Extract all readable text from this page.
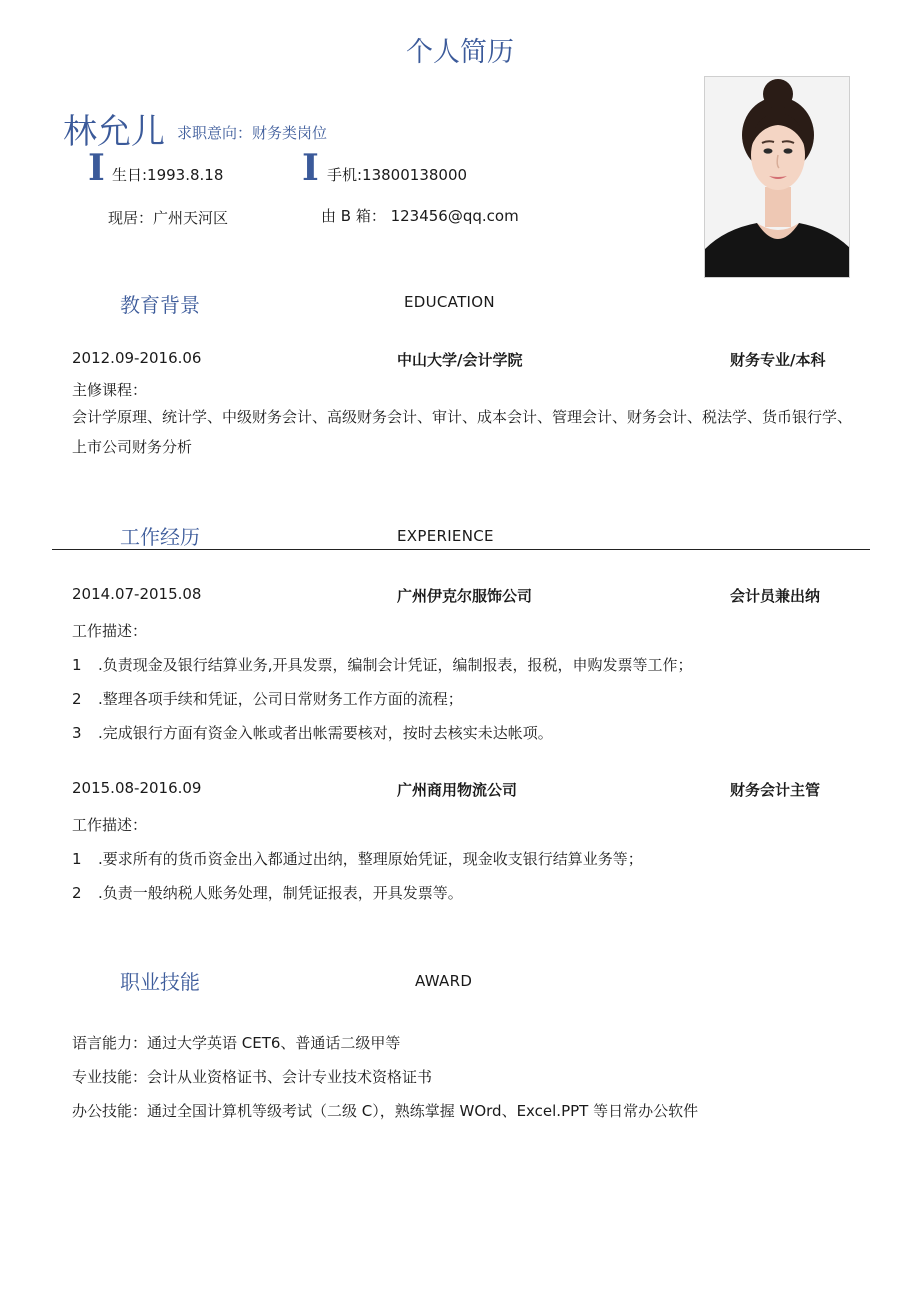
个人简历
林允儿 求职意向：财务类岗位
I 生日:1993.8.18 I 手机:13800138000
现居：广州天河区	由 B 箱： 123456@qq.com
教育背景	EDUCATION
2012.09-2016.06	中山大学/会计学院	财务专业/本科
主修课程：
会计学原理、统计学、中级财务会计、高级财务会计、审计、成本会计、管理会计、财务会计、税法学、货币银行学、上市公司财务分析
工作经历	EXPERIENCE
2014.07-2015.08	广州伊克尔服饰公司	会计员兼出纳
工作描述：
1 .负责现金及银行结算业务,开具发票，编制会计凭证，编制报表，报税，申购发票等工作；
2 .整理各项手续和凭证，公司日常财务工作方面的流程；
3 .完成银行方面有资金入帐或者出帐需要核对，按时去核实未达帐项。
2015.08-2016.09	广州商用物流公司	财务会计主管
工作描述：
1 .要求所有的货币资金出入都通过出纳，整理原始凭证，现金收支银行结算业务等；
2 .负责一般纳税人账务处理，制凭证报表，开具发票等。
职业技能	AWARD
语言能力：通过大学英语 CET6、普通话二级甲等
专业技能：会计从业资格证书、会计专业技术资格证书
办公技能：通过全国计算机等级考试（二级 C），熟练掌握 WOrd、Excel.PPT 等日常办公软件
